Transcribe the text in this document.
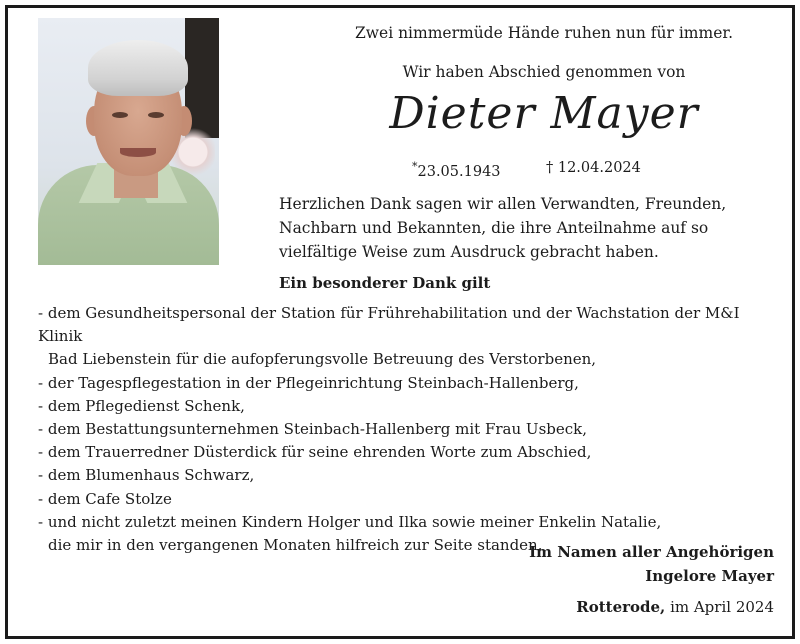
Zwei nimmermüde Hände ruhen nun für immer.
Wir haben Abschied genommen von
Dieter Mayer
*23.05.1943	† 12.04.2024
Herzlichen Dank sagen wir allen Verwandten, Freunden, Nachbarn und Bekannten, die ihre Anteilnahme auf so vielfältige Weise zum Ausdruck gebracht haben.
Ein besonderer Dank gilt
- dem Gesundheitspersonal der Station für Frührehabilitation und der Wachstation der M&I Klinik
Bad Liebenstein für die aufopferungsvolle Betreuung des Verstorbenen,
- der Tagespflegestation in der Pflegeinrichtung Steinbach-Hallenberg,
- dem Pflegedienst Schenk,
- dem Bestattungsunternehmen Steinbach-Hallenberg mit Frau Usbeck,
- dem Trauerredner Düsterdick für seine ehrenden Worte zum Abschied,
- dem Blumenhaus Schwarz,
- dem Cafe Stolze
- und nicht zuletzt meinen Kindern Holger und Ilka sowie meiner Enkelin Natalie,
die mir in den vergangenen Monaten hilfreich zur Seite standen.
Im Namen aller Angehörigen
Ingelore Mayer
Rotterode, im April 2024
